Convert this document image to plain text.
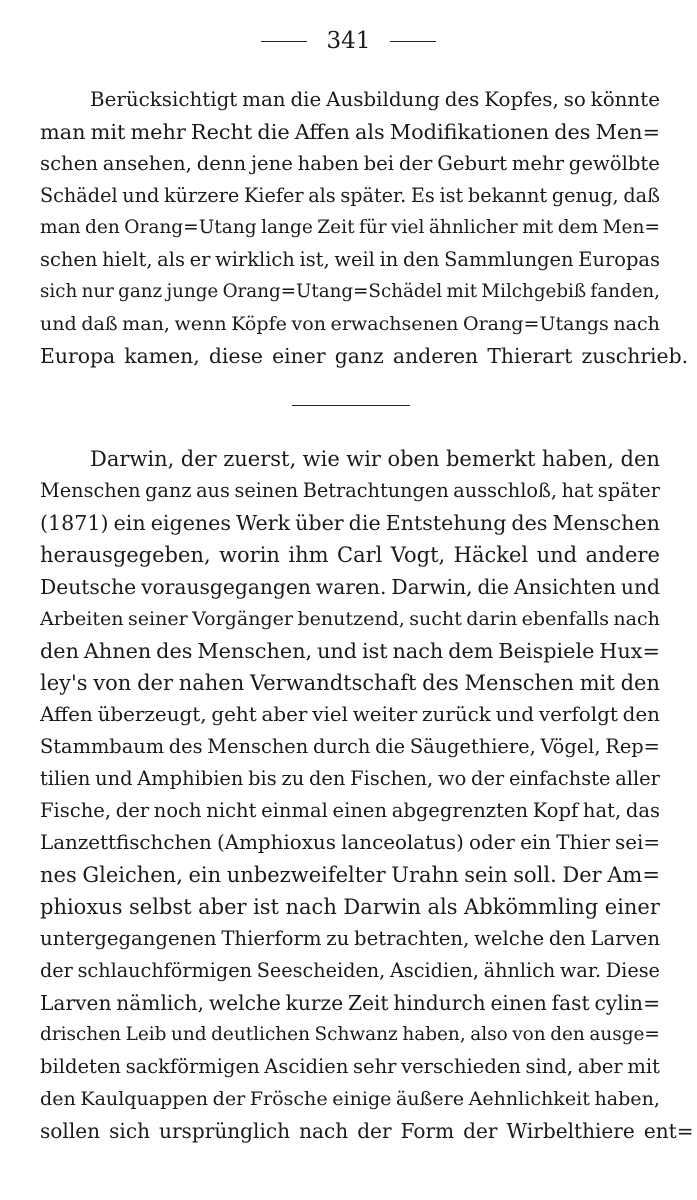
341
Berücksichtigt man die Ausbildung des Kopfes, so könnte
man mit mehr Recht die Affen als Modifikationen des Men=
schen ansehen, denn jene haben bei der Geburt mehr gewölbte
Schädel und kürzere Kiefer als später. Es ist bekannt genug, daß
man den Orang=Utang lange Zeit für viel ähnlicher mit dem Men=
schen hielt, als er wirklich ist, weil in den Sammlungen Europas
sich nur ganz junge Orang=Utang=Schädel mit Milchgebiß fanden,
und daß man, wenn Köpfe von erwachsenen Orang=Utangs nach
Europa kamen, diese einer ganz anderen Thierart zuschrieb.
Darwin, der zuerst, wie wir oben bemerkt haben, den
Menschen ganz aus seinen Betrachtungen ausschloß, hat später
(1871) ein eigenes Werk über die Entstehung des Menschen
herausgegeben, worin ihm Carl Vogt, Häckel und andere
Deutsche vorausgegangen waren. Darwin, die Ansichten und
Arbeiten seiner Vorgänger benutzend, sucht darin ebenfalls nach
den Ahnen des Menschen, und ist nach dem Beispiele Hux=
ley's von der nahen Verwandtschaft des Menschen mit den
Affen überzeugt, geht aber viel weiter zurück und verfolgt den
Stammbaum des Menschen durch die Säugethiere, Vögel, Rep=
tilien und Amphibien bis zu den Fischen, wo der einfachste aller
Fische, der noch nicht einmal einen abgegrenzten Kopf hat, das
Lanzettfischchen (Amphioxus lanceolatus) oder ein Thier sei=
nes Gleichen, ein unbezweifelter Urahn sein soll. Der Am=
phioxus selbst aber ist nach Darwin als Abkömmling einer
untergegangenen Thierform zu betrachten, welche den Larven
der schlauchförmigen Seescheiden, Ascidien, ähnlich war. Diese
Larven nämlich, welche kurze Zeit hindurch einen fast cylin=
drischen Leib und deutlichen Schwanz haben, also von den ausge=
bildeten sackförmigen Ascidien sehr verschieden sind, aber mit
den Kaulquappen der Frösche einige äußere Aehnlichkeit haben,
sollen sich ursprünglich nach der Form der Wirbelthiere ent=
